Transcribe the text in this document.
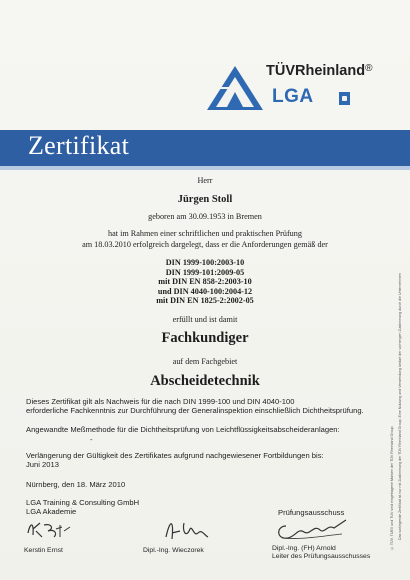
TÜVRheinland®
LGA
Zertifikat
Herr
Jürgen Stoll
geboren am 30.09.1953 in Bremen
hat im Rahmen einer schriftlichen und praktischen Prüfung
am 18.03.2010 erfolgreich dargelegt, dass er die Anforderungen gemäß der
DIN 1999-100:2003-10
DIN 1999-101:2009-05
mit DIN EN 858-2:2003-10
und DIN 4040-100:2004-12
mit DIN EN 1825-2:2002-05
erfüllt und ist damit
Fachkundiger
auf dem Fachgebiet
Abscheidetechnik
Dieses Zertifikat gilt als Nachweis für die nach DIN 1999-100 und DIN 4040-100
erforderliche Fachkenntnis zur Durchführung der Generalinspektion einschließlich Dichtheitsprüfung.
Angewandte Meßmethode für die Dichtheitsprüfung von Leichtflüssigkeitsabscheideranlagen:
-
Verlängerung der Gültigkeit des Zertifikates aufgrund nachgewiesener Fortbildungen bis:
Juni 2013
Nürnberg, den 18. März 2010
LGA Training & Consulting GmbH
LGA Akademie	Prüfungsausschuss
Kerstin Ernst	Dipl.-Ing. Wieczorek	Dipl.-Ing. (FH) Arnold
Leiter des Prüfungsausschusses
Das vorliegende Zertifikat ist nur mit Zustimmung der TÜV Rheinland Group. Eine Nutzung und Verwendung bedarf der vorherigen Zustimmung durch die Unternehmen
© TÜV, TUEV und TUV sind eingetragene Marken der TÜV Rheinland Group
